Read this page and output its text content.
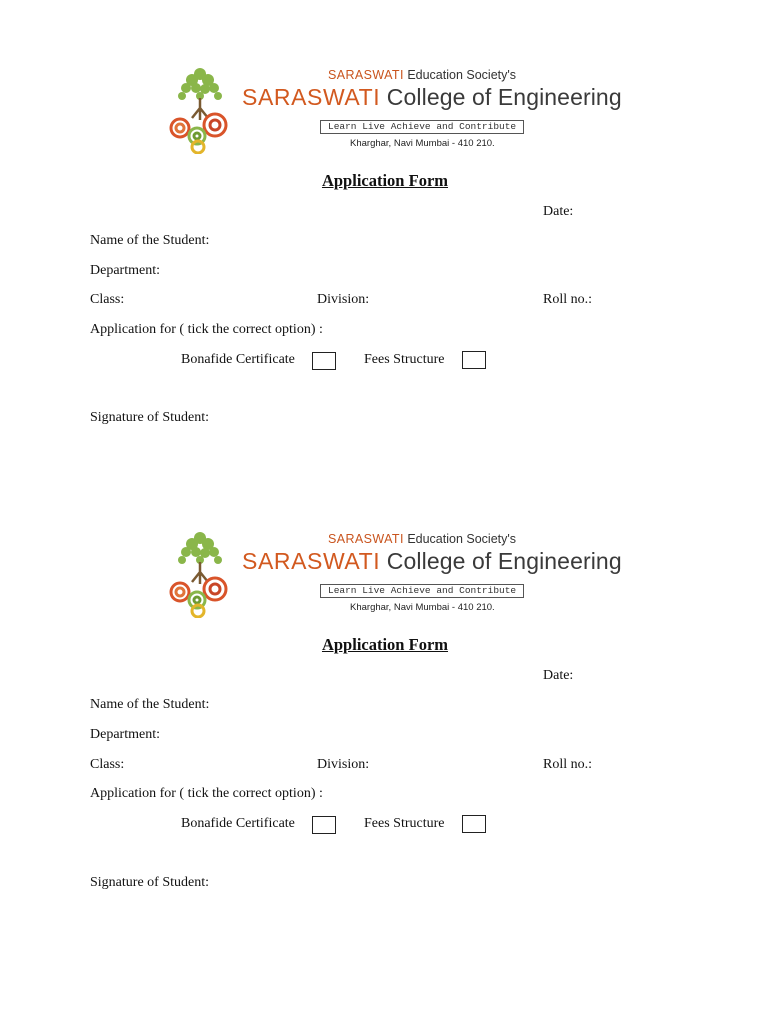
SARASWATI Education Society's
SARASWATI College of Engineering
Learn Live Achieve and Contribute
Kharghar, Navi Mumbai - 410 210.
Application Form
Date:
Name of the Student:
Department:
Class:	Division:	Roll no.:
Application for ( tick the correct option) :
Bonafide Certificate	Fees Structure
Signature of Student:
SARASWATI Education Society's
SARASWATI College of Engineering
Learn Live Achieve and Contribute
Kharghar, Navi Mumbai - 410 210.
Application Form
Date:
Name of the Student:
Department:
Class:	Division:	Roll no.:
Application for ( tick the correct option) :
Bonafide Certificate	Fees Structure
Signature of Student:
